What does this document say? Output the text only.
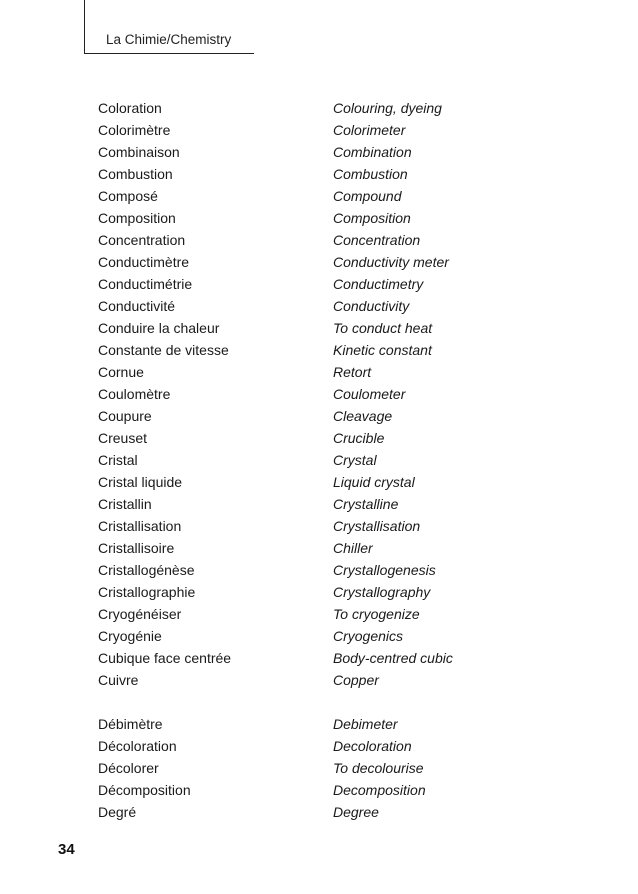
La Chimie/Chemistry
Coloration	Colouring, dyeing
Colorimètre	Colorimeter
Combinaison	Combination
Combustion	Combustion
Composé	Compound
Composition	Composition
Concentration	Concentration
Conductimètre	Conductivity meter
Conductimétrie	Conductimetry
Conductivité	Conductivity
Conduire la chaleur	To conduct heat
Constante de vitesse	Kinetic constant
Cornue	Retort
Coulomètre	Coulometer
Coupure	Cleavage
Creuset	Crucible
Cristal	Crystal
Cristal liquide	Liquid crystal
Cristallin	Crystalline
Cristallisation	Crystallisation
Cristallisoire	Chiller
Cristallogénèse	Crystallogenesis
Cristallographie	Crystallography
Cryogénéiser	To cryogenize
Cryogénie	Cryogenics
Cubique face centrée	Body-centred cubic
Cuivre	Copper
Débimètre	Debimeter
Décoloration	Decoloration
Décolorer	To decolourise
Décomposition	Decomposition
Degré	Degree
34
